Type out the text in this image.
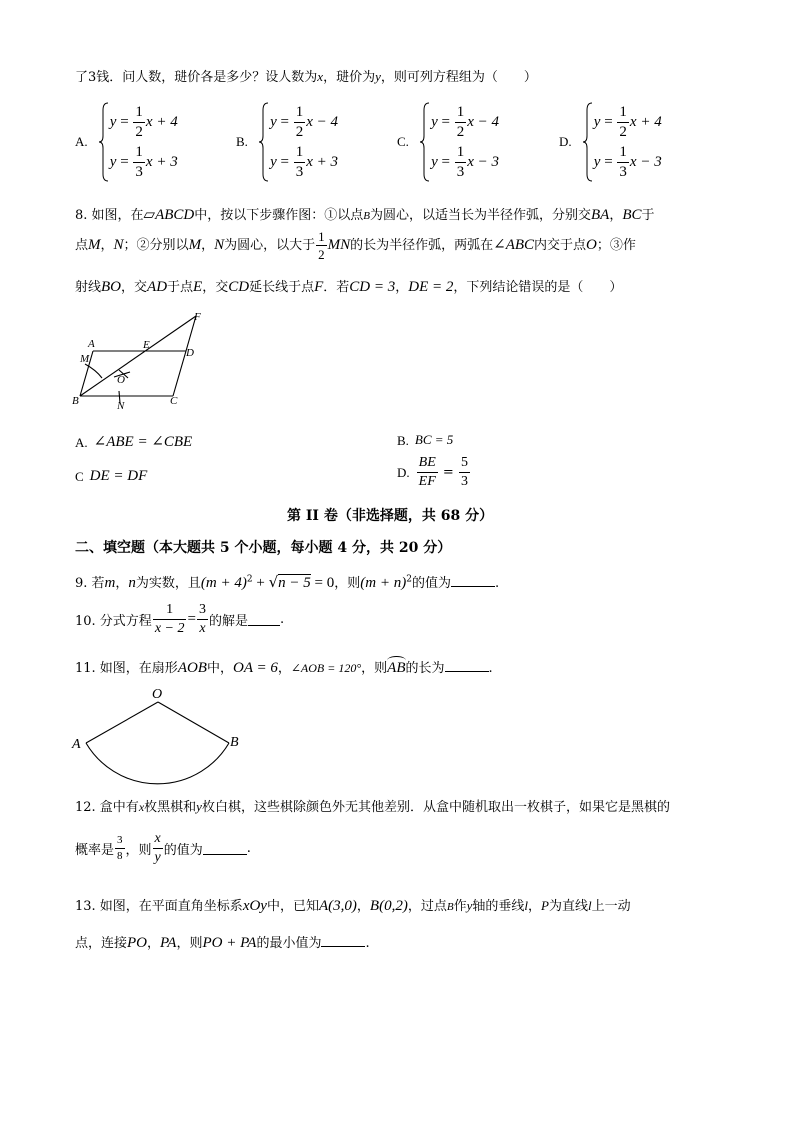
了3钱．问人数，琎价各是多少？设人数为x，琎价为y，则可列方程组为（　　）
A.
$y = \frac{1}{2}$ x + 4
$y = \frac{1}{3}$ x + 3
B.
$y = \frac{1}{2}$ x − 4
$y = \frac{1}{3}$ x + 3
C.
$y = \frac{1}{2}$ x − 4
$y = \frac{1}{3}$ x − 3
D.
$y = \frac{1}{2}$ x + 4
$y = \frac{1}{3}$ x − 3
8. 如图，在▱ABCD中，按以下步骤作图：①以点B为圆心，以适当长为半径作弧，分别交BA，BC于
点M，N；②分别以M，N为圆心，以大于 $\frac{1}{2}$ MN的长为半径作弧，两弧在∠ABC内交于点O；③作
射线BO，交AD于点E，交CD延长线于点F．若CD = 3，DE = 2，下列结论错误的是（　　）
A
M
B	N
O
E
D
F
C
A. ∠ABE = ∠CBE	B. BC = 5
C DE = DF	D. $\frac{BE}{EF} = \frac{5}{3}$
第 II 卷（非选择题，共 68 分）
二、填空题（本大题共 5 个小题，每小题 4 分，共 20 分）
9. 若m，n为实数，且$(m + 4)^2 + √n - 5 = 0$，则$(m + n)^2$的值为	.
10. 分式方程 $\frac{1}{x - 2} = \frac{3}{x}$ 的解是 .
11. 如图，在扇形AOB中，OA = 6，∠AOB = 120°，则AB的长为	.
O
A	B
12. 盒中有x枚黑棋和y枚白棋，这些棋除颜色外无其他差别．从盒中随机取出一枚棋子，如果它是黑棋的
概率是 $\frac{3}{8}$ ，则 $\frac{x}{y}$ 的值为	.
13. 如图，在平面直角坐标系xOy中，已知A(3,0)，B(0,2)，过点B作y轴的垂线l，P为直线l上一动
点，连接PO，PA，则PO + PA的最小值为	.
